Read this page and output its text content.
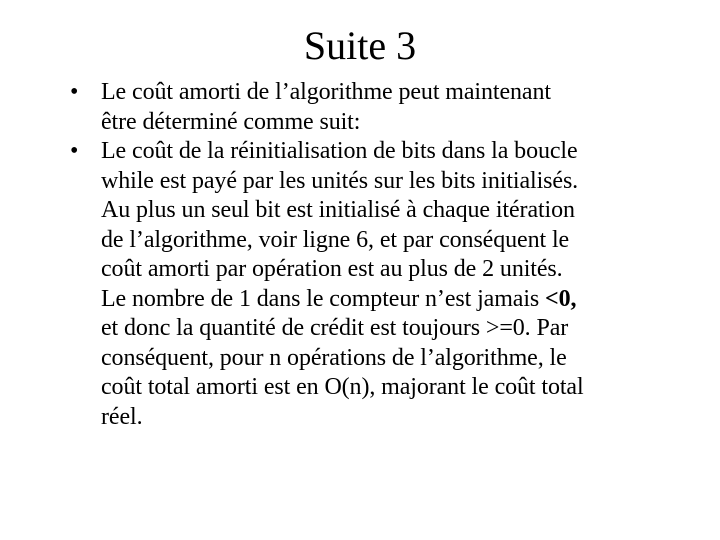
Suite 3
• Le coût amorti de l’algorithme peut maintenant
être déterminé comme suit:
• Le coût de la réinitialisation de bits dans la boucle
while est payé par les unités sur les bits initialisés.
Au plus un seul bit est initialisé à chaque itération
de l’algorithme, voir ligne 6, et par conséquent le
coût amorti par opération est au plus de 2 unités.
Le nombre de 1 dans le compteur n’est jamais <0,
et donc la quantité de crédit est toujours >=0. Par
conséquent, pour n opérations de l’algorithme, le
coût total amorti est en O(n), majorant le coût total
réel.
